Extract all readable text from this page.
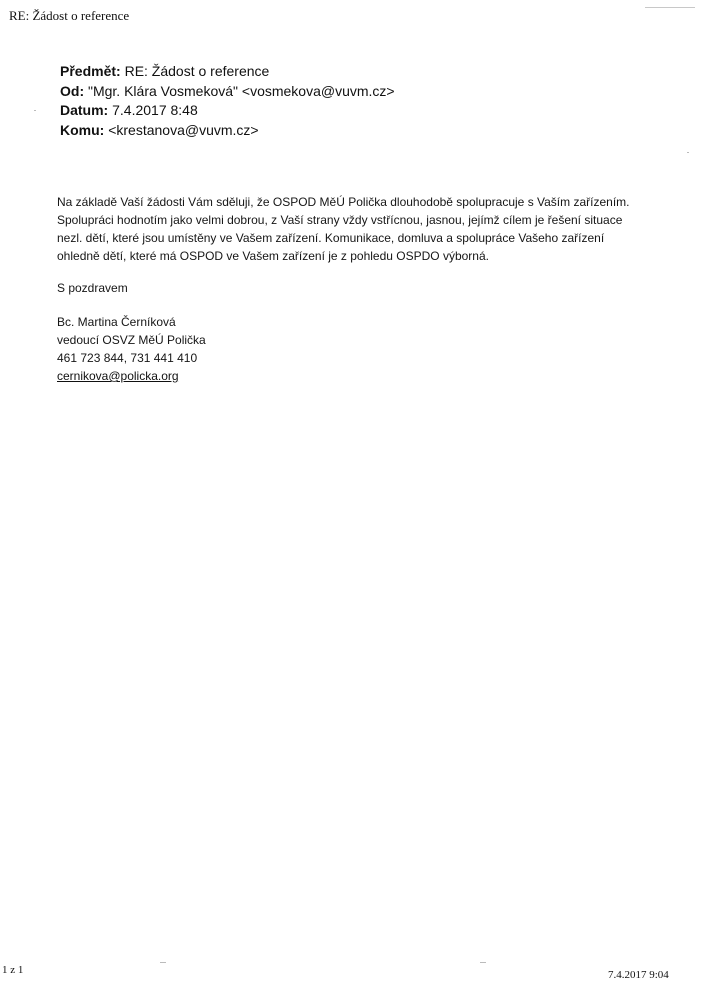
RE: Žádost o reference
Předmět: RE: Žádost o reference
Od: "Mgr. Klára Vosmeková" <vosmekova@vuvm.cz>
Datum: 7.4.2017 8:48
Komu: <krestanova@vuvm.cz>

Na základě Vaší žádosti Vám sděluji, že OSPOD MěÚ Polička dlouhodobě spolupracuje s Vaším zařízením. Spolupráci hodnotím jako velmi dobrou, z Vaší strany vždy vstřícnou, jasnou, jejímž cílem je řešení situace nezl. dětí, které jsou umístěny ve Vašem zařízení. Komunikace, domluva a spolupráce Vašeho zařízení ohledně dětí, které má OSPOD ve Vašem zařízení je z pohledu OSPDO výborná.

S pozdravem

Bc. Martina Černíková
vedoucí OSVZ MěÚ Polička
461 723 844, 731 441 410
cernikova@policka.org

1 z 1	7.4.2017 9:04
